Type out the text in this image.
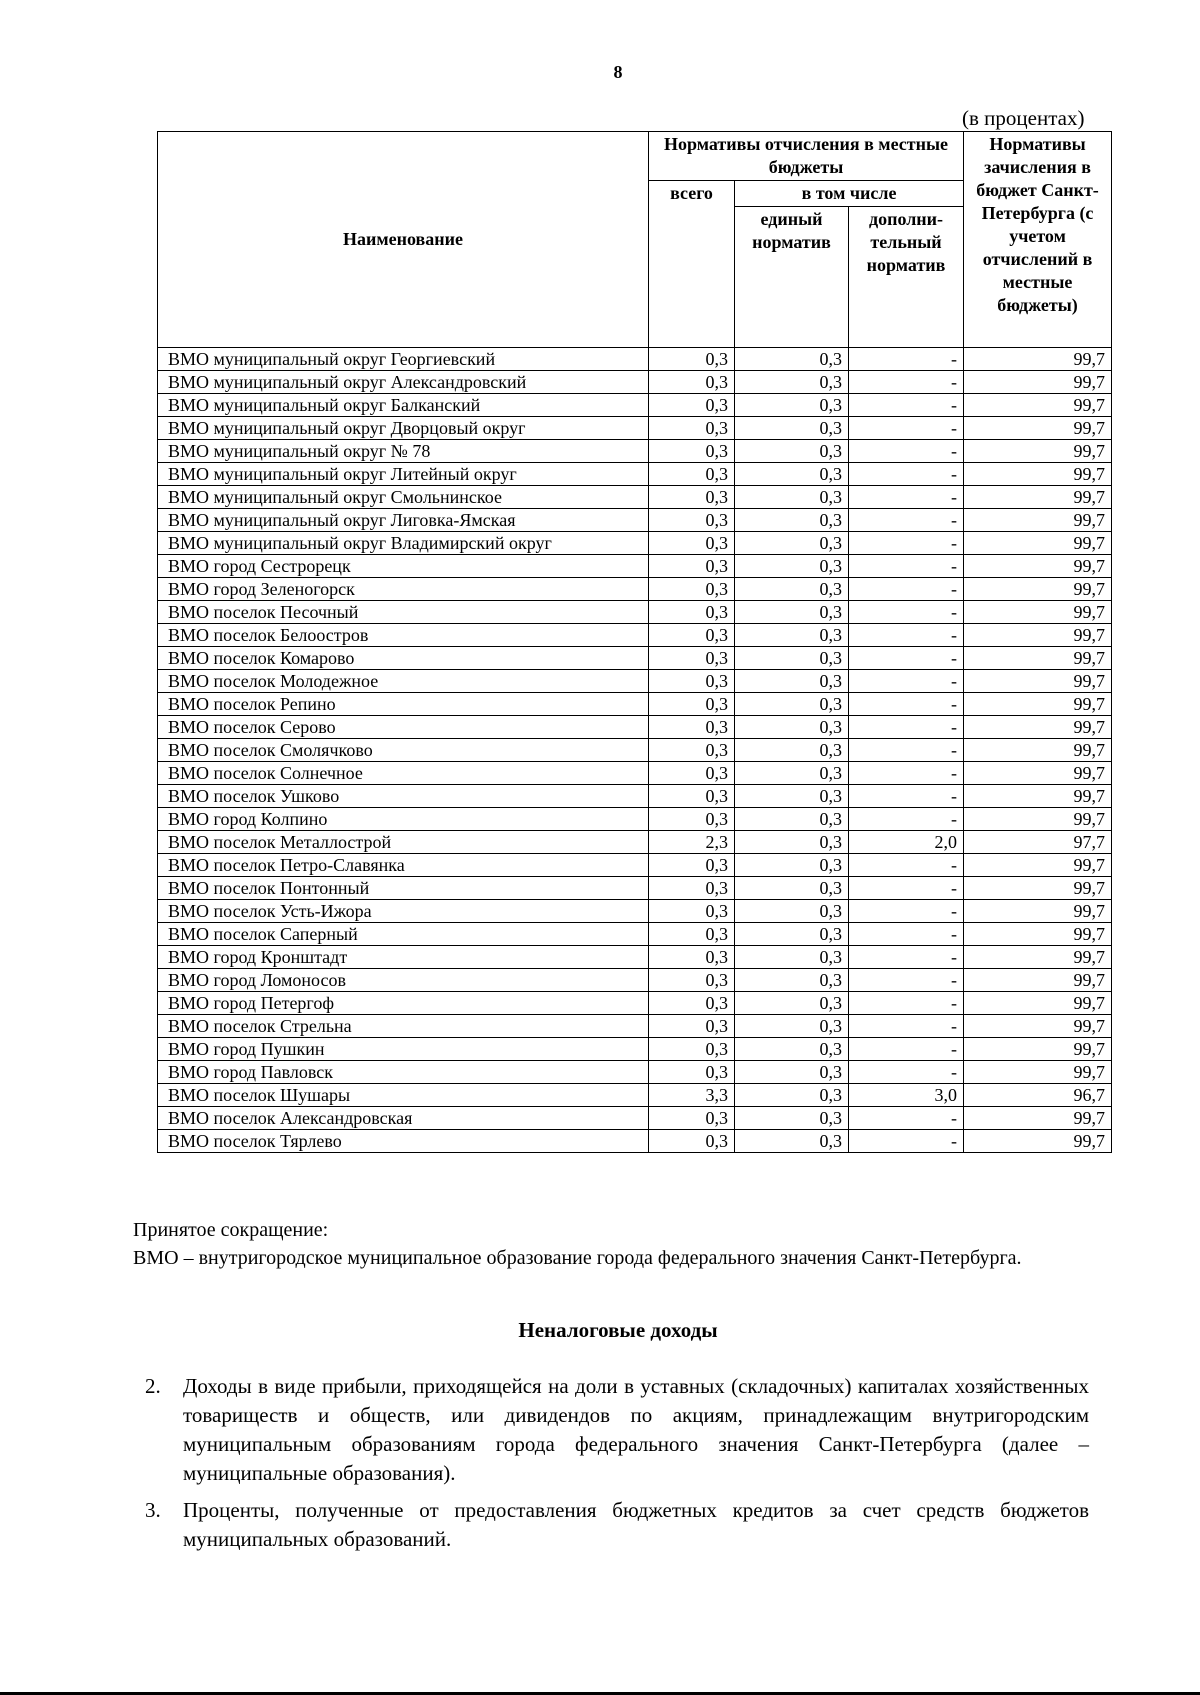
8
(в процентах)
Наименование	Нормативы отчисления в местные бюджеты			Нормативы зачисления в бюджет Санкт-Петербурга (с учетом отчислений в местные бюджеты)
	всего	в том числе		
		единый норматив	дополни-тельный норматив	
ВМО муниципальный округ Георгиевский	0,3	0,3	-	99,7
ВМО муниципальный округ Александровский	0,3	0,3	-	99,7
ВМО муниципальный округ Балканский	0,3	0,3	-	99,7
ВМО муниципальный округ Дворцовый округ	0,3	0,3	-	99,7
ВМО муниципальный округ № 78	0,3	0,3	-	99,7
ВМО муниципальный округ Литейный округ	0,3	0,3	-	99,7
ВМО муниципальный округ Смольнинское	0,3	0,3	-	99,7
ВМО муниципальный округ Лиговка-Ямская	0,3	0,3	-	99,7
ВМО муниципальный округ Владимирский округ	0,3	0,3	-	99,7
ВМО город Сестрорецк	0,3	0,3	-	99,7
ВМО город Зеленогорск	0,3	0,3	-	99,7
ВМО поселок Песочный	0,3	0,3	-	99,7
ВМО поселок Белоостров	0,3	0,3	-	99,7
ВМО поселок Комарово	0,3	0,3	-	99,7
ВМО поселок Молодежное	0,3	0,3	-	99,7
ВМО поселок Репино	0,3	0,3	-	99,7
ВМО поселок Серово	0,3	0,3	-	99,7
ВМО поселок Смолячково	0,3	0,3	-	99,7
ВМО поселок Солнечное	0,3	0,3	-	99,7
ВМО поселок Ушково	0,3	0,3	-	99,7
ВМО город Колпино	0,3	0,3	-	99,7
ВМО поселок Металлострой	2,3	0,3	2,0	97,7
ВМО поселок Петро-Славянка	0,3	0,3	-	99,7
ВМО поселок Понтонный	0,3	0,3	-	99,7
ВМО поселок Усть-Ижора	0,3	0,3	-	99,7
ВМО поселок Саперный	0,3	0,3	-	99,7
ВМО город Кронштадт	0,3	0,3	-	99,7
ВМО город Ломоносов	0,3	0,3	-	99,7
ВМО город Петергоф	0,3	0,3	-	99,7
ВМО поселок Стрельна	0,3	0,3	-	99,7
ВМО город Пушкин	0,3	0,3	-	99,7
ВМО город Павловск	0,3	0,3	-	99,7
ВМО поселок Шушары	3,3	0,3	3,0	96,7
ВМО поселок Александровская	0,3	0,3	-	99,7
ВМО поселок Тярлево	0,3	0,3	-	99,7
Принятое сокращение:
ВМО – внутригородское муниципальное образование города федерального значения Санкт-Петербурга.
Неналоговые доходы
2.	Доходы в виде прибыли, приходящейся на доли в уставных (складочных) капиталах хозяйственных товариществ и обществ, или дивидендов по акциям, принадлежащим внутригородским муниципальным образованиям города федерального значения Санкт-Петербурга (далее – муниципальные образования).
3.	Проценты, полученные от предоставления бюджетных кредитов за счет средств бюджетов муниципальных образований.
